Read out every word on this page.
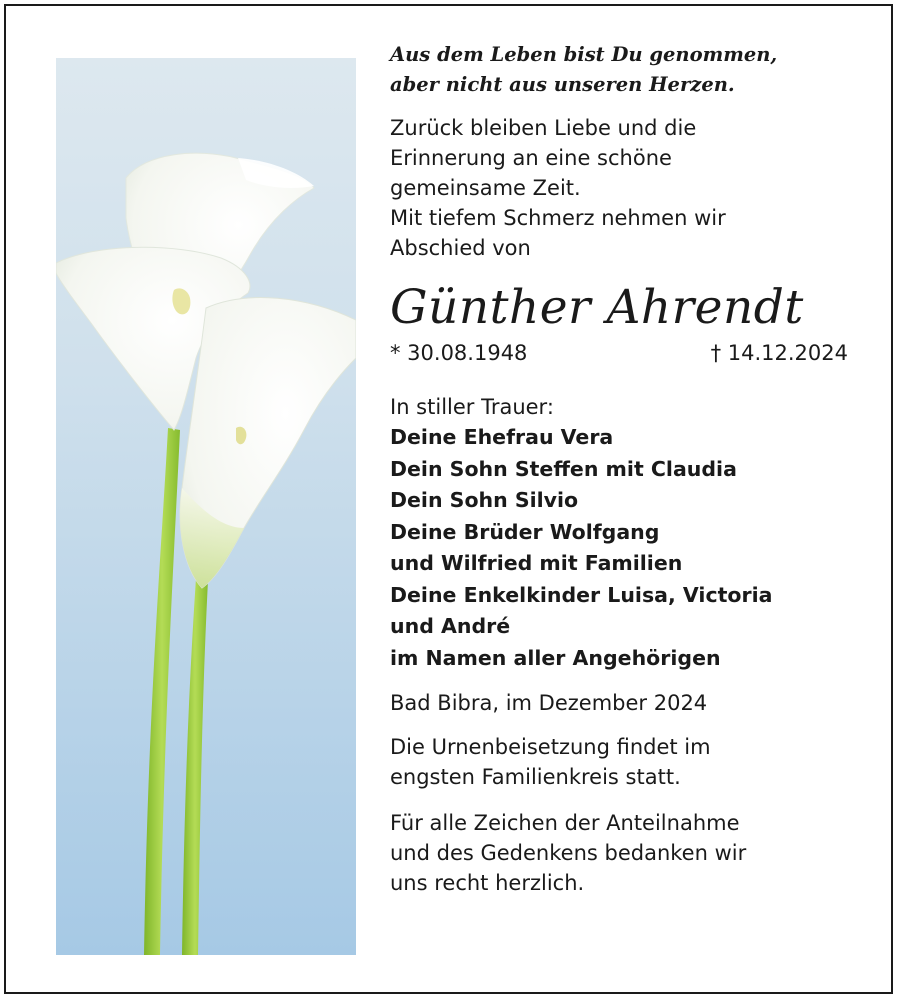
Aus dem Leben bist Du genommen,

aber nicht aus unseren Herzen.

Zurück bleiben Liebe und die

Erinnerung an eine schöne

gemeinsame Zeit.

Mit tiefem Schmerz nehmen wir

Abschied von

Günther Ahrendt
* 30.08.1948	† 14.12.2024

In stiller Trauer:

Deine Ehefrau Vera

Dein Sohn Steffen mit Claudia

Dein Sohn Silvio

Deine Brüder Wolfgang

und Wilfried mit Familien

Deine Enkelkinder Luisa, Victoria

und André

im Namen aller Angehörigen

Bad Bibra, im Dezember 2024

Die Urnenbeisetzung findet im

engsten Familienkreis statt.

Für alle Zeichen der Anteilnahme

und des Gedenkens bedanken wir

uns recht herzlich.
